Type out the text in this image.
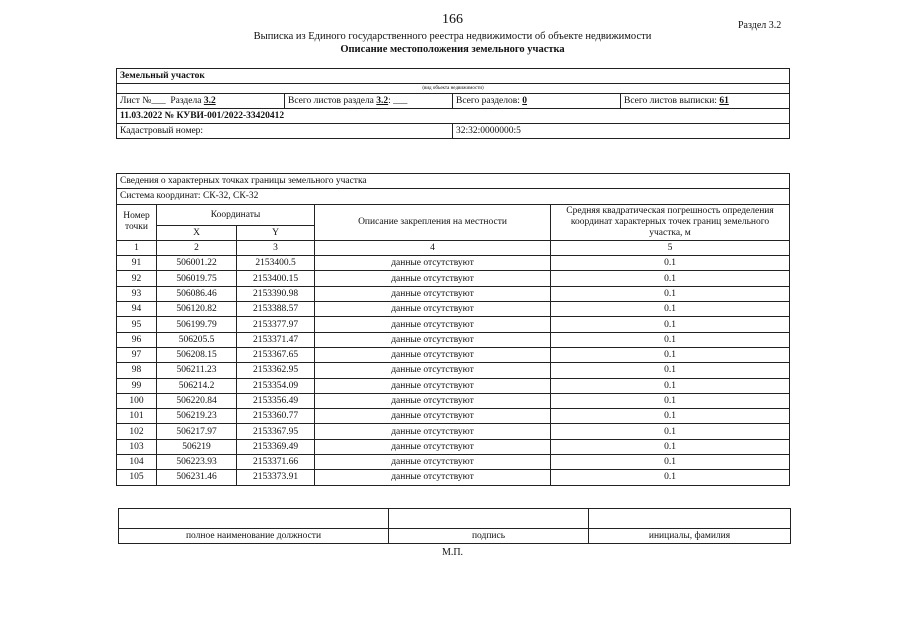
166	Раздел 3.2
Выписка из Единого государственного реестра недвижимости об объекте недвижимости
Описание местоположения земельного участка
Земельный участок			
(вид объекта недвижимости)			
Лист №___ Раздела 3.2	Всего листов раздела 3.2: ___	Всего разделов: 0	Всего листов выписки: 61
11.03.2022 № КУВИ-001/2022-33420412			
Кадастровый номер:		32:32:0000000:5	
Сведения о характерных точках границы земельного участка				
Система координат: СК-32, СК-32				
Номер точки	Координаты		Описание закрепления на местности	Средняя квадратическая погрешность определения координат характерных точек границ земельного участка, м
	X	Y		
1	2	3	4	5
91	506001.22	2153400.5	данные отсутствуют	0.1
92	506019.75	2153400.15	данные отсутствуют	0.1
93	506086.46	2153390.98	данные отсутствуют	0.1
94	506120.82	2153388.57	данные отсутствуют	0.1
95	506199.79	2153377.97	данные отсутствуют	0.1
96	506205.5	2153371.47	данные отсутствуют	0.1
97	506208.15	2153367.65	данные отсутствуют	0.1
98	506211.23	2153362.95	данные отсутствуют	0.1
99	506214.2	2153354.09	данные отсутствуют	0.1
100	506220.84	2153356.49	данные отсутствуют	0.1
101	506219.23	2153360.77	данные отсутствуют	0.1
102	506217.97	2153367.95	данные отсутствуют	0.1
103	506219	2153369.49	данные отсутствуют	0.1
104	506223.93	2153371.66	данные отсутствуют	0.1
105	506231.46	2153373.91	данные отсутствуют	0.1

полное наименование должности	подпись	инициалы, фамилия
М.П.
